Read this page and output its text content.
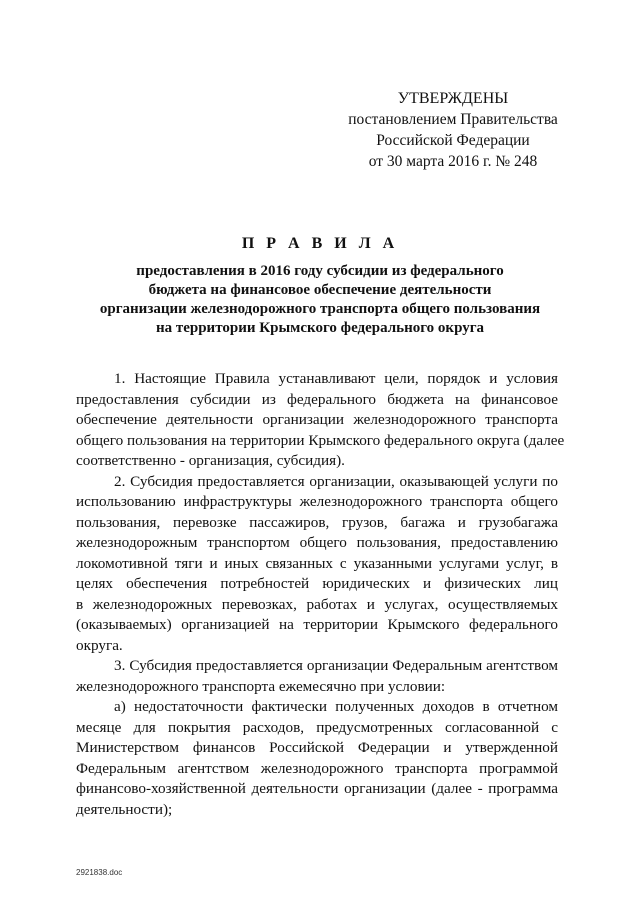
УТВЕРЖДЕНЫ
постановлением Правительства
Российской Федерации
от 30 марта 2016 г. № 248
П Р А В И Л А
предоставления в 2016 году субсидии из федерального
бюджета на финансовое обеспечение деятельности
организации железнодорожного транспорта общего пользования
на территории Крымского федерального округа
1. Настоящие Правила устанавливают цели, порядок и условия
предоставления субсидии из федерального бюджета на финансовое
обеспечение деятельности организации железнодорожного транспорта
общего пользования на территории Крымского федерального округа (далее
соответственно - организация, субсидия).
2. Субсидия предоставляется организации, оказывающей услуги по
использованию инфраструктуры железнодорожного транспорта общего
пользования, перевозке пассажиров, грузов, багажа и грузобагажа
железнодорожным транспортом общего пользования, предоставлению
локомотивной тяги и иных связанных с указанными услугами услуг, в
целях обеспечения потребностей юридических и физических лиц
в железнодорожных перевозках, работах и услугах, осуществляемых
(оказываемых) организацией на территории Крымского федерального
округа.
3. Субсидия предоставляется организации Федеральным агентством
железнодорожного транспорта ежемесячно при условии:
а) недостаточности фактически полученных доходов в отчетном
месяце для покрытия расходов, предусмотренных согласованной с
Министерством финансов Российской Федерации и утвержденной
Федеральным агентством железнодорожного транспорта программой
финансово-хозяйственной деятельности организации (далее - программа
деятельности);
2921838.doc
